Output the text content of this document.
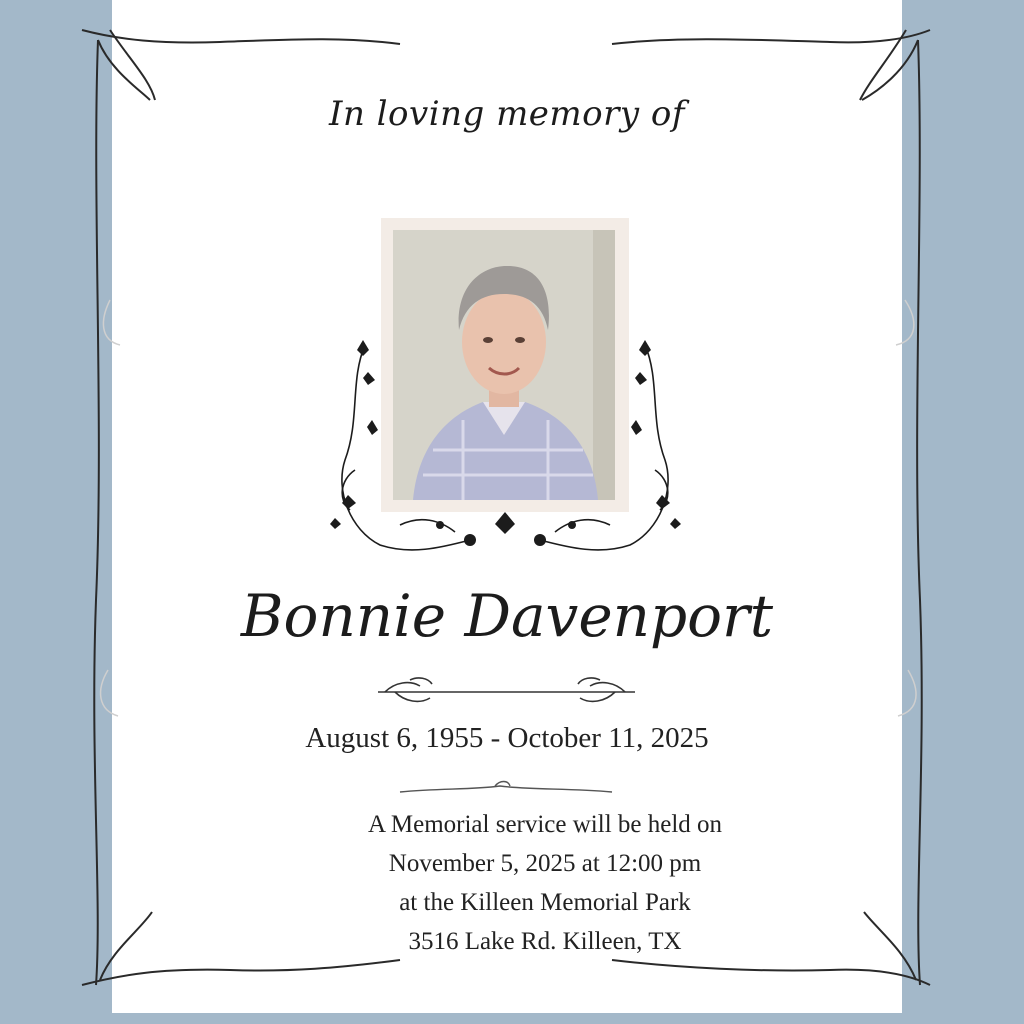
In loving memory of
Bonnie Davenport
August 6, 1955 - October 11, 2025
A Memorial service will be held on
November 5, 2025 at 12:00 pm
at the Killeen Memorial Park
3516 Lake Rd. Killeen, TX
